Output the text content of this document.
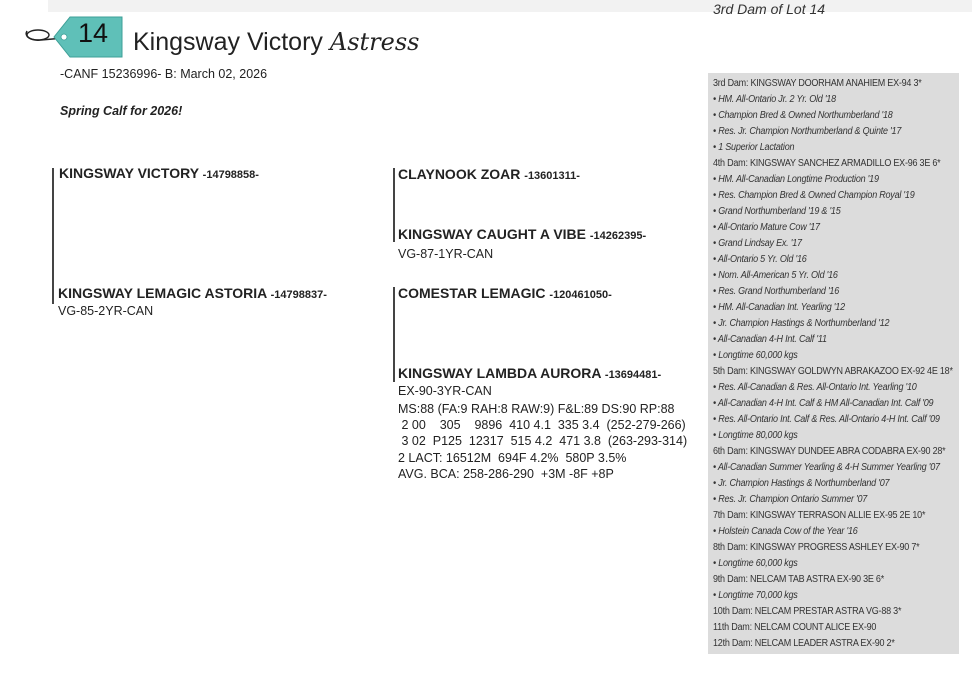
3rd Dam of Lot 14
14 Kingsway Victory Astress
-CANF 15236996- B: March 02, 2026
Spring Calf for 2026!
KINGSWAY VICTORY -14798858-	CLAYNOOK ZOAR -13601311-
KINGSWAY CAUGHT A VIBE -14262395-
VG-87-1YR-CAN
KINGSWAY LEMAGIC ASTORIA -14798837-
VG-85-2YR-CAN
COMESTAR LEMAGIC -120461050-
KINGSWAY LAMBDA AURORA -13694481-
EX-90-3YR-CAN
MS:88 (FA:9 RAH:8 RAW:9) F&L:89 DS:90 RP:88
2 00    305    9896  410 4.1  335 3.4  (252-279-266)
3 02  P125  12317  515 4.2  471 3.8  (263-293-314)
2 LACT: 16512M  694F 4.2%  580P 3.5%
AVG. BCA: 258-286-290  +3M -8F +8P
3rd Dam: KINGSWAY DOORHAM ANAHIEM EX-94 3*
• HM. All-Ontario Jr. 2 Yr. Old '18
• Champion Bred & Owned Northumberland '18
• Res. Jr. Champion Northumberland & Quinte '17
• 1 Superior Lactation
4th Dam: KINGSWAY SANCHEZ ARMADILLO EX-96 3E 6*
• HM. All-Canadian Longtime Production '19
• Res. Champion Bred & Owned Champion Royal '19
• Grand Northumberland '19 & '15
• All-Ontario Mature Cow '17
• Grand Lindsay Ex. '17
• All-Ontario 5 Yr. Old '16
• Nom. All-American 5 Yr. Old '16
• Res. Grand Northumberland '16
• HM. All-Canadian Int. Yearling '12
• Jr. Champion Hastings & Northumberland '12
• All-Canadian 4-H Int. Calf '11
• Longtime 60,000 kgs
5th Dam: KINGSWAY GOLDWYN ABRAKAZOO EX-92 4E 18*
• Res. All-Canadian & Res. All-Ontario Int. Yearling '10
• All-Canadian 4-H Int. Calf & HM All-Canadian Int. Calf '09
• Res. All-Ontario Int. Calf & Res. All-Ontario 4-H Int. Calf '09
• Longtime 80,000 kgs
6th Dam: KINGSWAY DUNDEE ABRA CODABRA EX-90 28*
• All-Canadian Summer Yearling & 4-H Summer Yearling '07
• Jr. Champion Hastings & Northumberland '07
• Res. Jr. Champion Ontario Summer '07
7th Dam: KINGSWAY TERRASON ALLIE EX-95 2E 10*
• Holstein Canada Cow of the Year '16
8th Dam: KINGSWAY PROGRESS ASHLEY EX-90 7*
• Longtime 60,000 kgs
9th Dam: NELCAM TAB ASTRA EX-90 3E 6*
• Longtime 70,000 kgs
10th Dam: NELCAM PRESTAR ASTRA VG-88 3*
11th Dam: NELCAM COUNT ALICE EX-90
12th Dam: NELCAM LEADER ASTRA EX-90 2*
